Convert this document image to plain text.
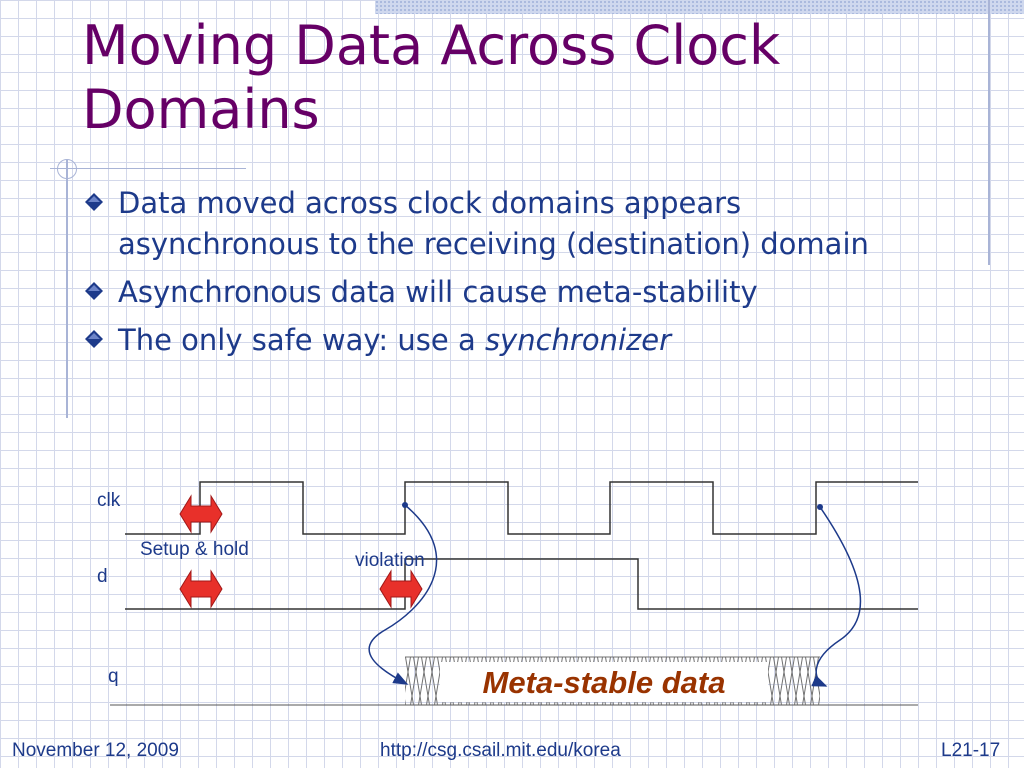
Moving Data Across Clock Domains
Data moved across clock domains appears asynchronous to the receiving (destination) domain
Asynchronous data will cause meta-stability
The only safe way: use a synchronizer
Meta-stable data
clk
Setup & hold
violation
d
q
November 12, 2009	http://csg.csail.mit.edu/korea	L21-17
